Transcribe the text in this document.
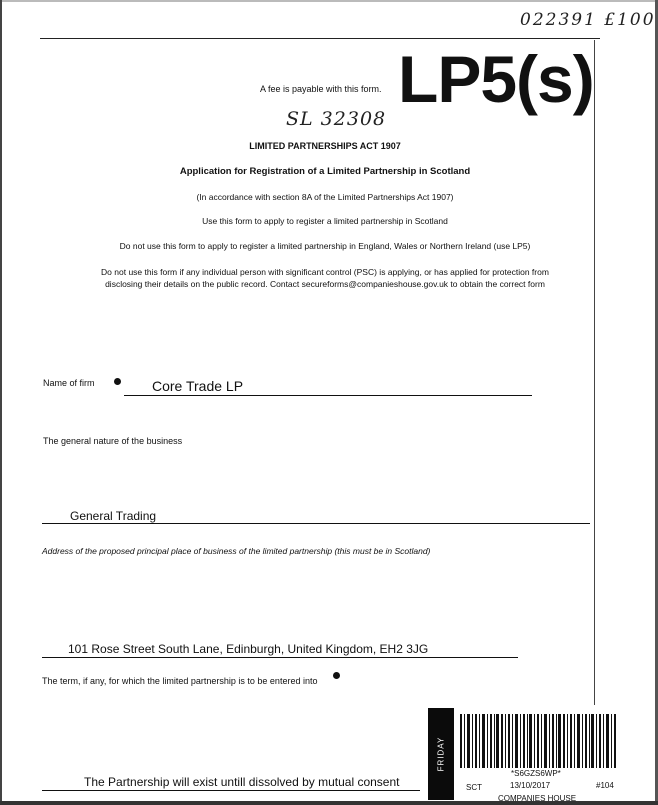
022391 £100
A fee is payable with this form. LP5(s)
SL 32308
LIMITED PARTNERSHIPS ACT 1907
Application for Registration of a Limited Partnership in Scotland
(In accordance with section 8A of the Limited Partnerships Act 1907)
Use this form to apply to register a limited partnership in Scotland
Do not use this form to apply to register a limited partnership in England, Wales or Northern Ireland (use LP5)
Do not use this form if any individual person with significant control (PSC) is applying, or has applied for protection from disclosing their details on the public record. Contact secureforms@companieshouse.gov.uk to obtain the correct form
Name of firm	Core Trade LP
The general nature of the business
General Trading
Address of the proposed principal place of business of the limited partnership (this must be in Scotland)
101 Rose Street South Lane, Edinburgh, United Kingdom, EH2 3JG
The term, if any, for which the limited partnership is to be entered into
The Partnership will exist untill dissolved by mutual consent
FRIDAY
*S6GZS6WP*
SCT	13/10/2017	#104
COMPANIES HOUSE
